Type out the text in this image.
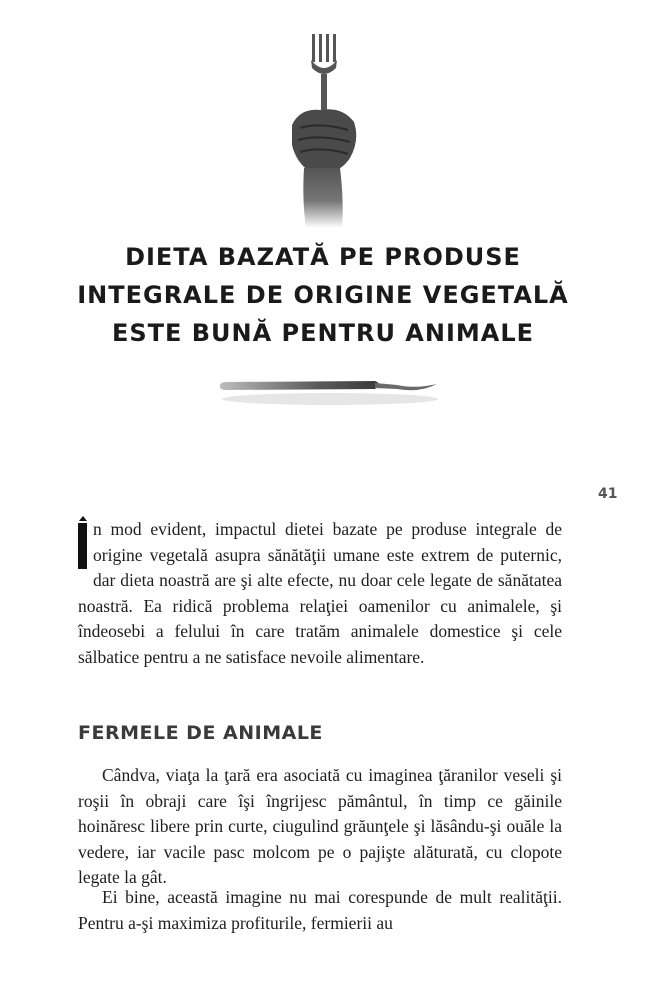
DIETA BAZATĂ PE PRODUSE
INTEGRALE DE ORIGINE VEGETALĂ
ESTE BUNĂ PENTRU ANIMALE
41

n mod evident, impactul dietei bazate pe produse integrale de origine vegetală asupra sănătăţii umane este extrem de puternic, dar dieta noastră are şi alte efecte, nu doar cele legate de sănătatea noastră. Ea ridică problema relaţiei oamenilor cu animalele, şi îndeosebi a felului în care tratăm animalele domestice şi cele sălbatice pentru a ne satisface nevoile alimentare.

FERMELE DE ANIMALE

Cândva, viaţa la ţară era asociată cu imaginea ţăranilor veseli şi roşii în obraji care îşi îngrijesc pământul, în timp ce găinile hoinăresc libere prin curte, ciugulind grăunţele şi lăsându-şi ouăle la vedere, iar vacile pasc molcom pe o pajişte alăturată, cu clopote legate la gât.

Ei bine, această imagine nu mai corespunde de mult realităţii. Pentru a-şi maximiza profiturile, fermierii au
